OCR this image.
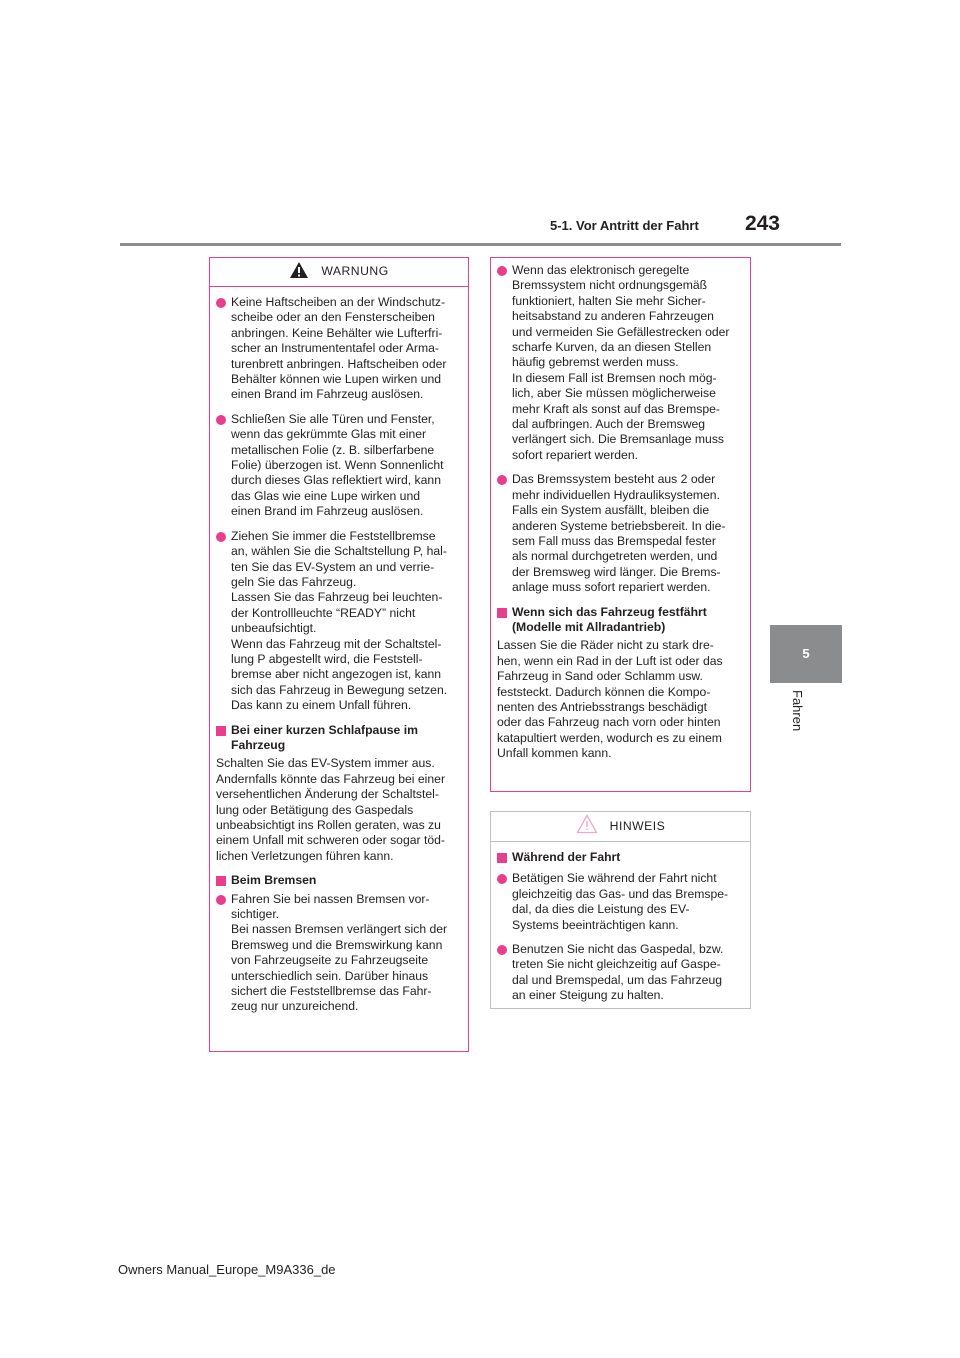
5-1. Vor Antritt der Fahrt	243
5
Fahren
WARNUNG
Keine Haftscheiben an der Windschutz-
scheibe oder an den Fensterscheiben
anbringen. Keine Behälter wie Lufterfri-
scher an Instrumententafel oder Arma-
turenbrett anbringen. Haftscheiben oder
Behälter können wie Lupen wirken und
einen Brand im Fahrzeug auslösen.
Schließen Sie alle Türen und Fenster,
wenn das gekrümmte Glas mit einer
metallischen Folie (z. B. silberfarbene
Folie) überzogen ist. Wenn Sonnenlicht
durch dieses Glas reflektiert wird, kann
das Glas wie eine Lupe wirken und
einen Brand im Fahrzeug auslösen.
Ziehen Sie immer die Feststellbremse
an, wählen Sie die Schaltstellung P, hal-
ten Sie das EV-System an und verrie-
geln Sie das Fahrzeug.
Lassen Sie das Fahrzeug bei leuchten-
der Kontrollleuchte “READY” nicht
unbeaufsichtigt.
Wenn das Fahrzeug mit der Schaltstel-
lung P abgestellt wird, die Feststell-
bremse aber nicht angezogen ist, kann
sich das Fahrzeug in Bewegung setzen.
Das kann zu einem Unfall führen.
Bei einer kurzen Schlafpause im
Fahrzeug
Schalten Sie das EV-System immer aus.
Andernfalls könnte das Fahrzeug bei einer
versehentlichen Änderung der Schaltstel-
lung oder Betätigung des Gaspedals
unbeabsichtigt ins Rollen geraten, was zu
einem Unfall mit schweren oder sogar töd-
lichen Verletzungen führen kann.
Beim Bremsen
Fahren Sie bei nassen Bremsen vor-
sichtiger.
Bei nassen Bremsen verlängert sich der
Bremsweg und die Bremswirkung kann
von Fahrzeugseite zu Fahrzeugseite
unterschiedlich sein. Darüber hinaus
sichert die Feststellbremse das Fahr-
zeug nur unzureichend.
Wenn das elektronisch geregelte
Bremssystem nicht ordnungsgemäß
funktioniert, halten Sie mehr Sicher-
heitsabstand zu anderen Fahrzeugen
und vermeiden Sie Gefällestrecken oder
scharfe Kurven, da an diesen Stellen
häufig gebremst werden muss.
In diesem Fall ist Bremsen noch mög-
lich, aber Sie müssen möglicherweise
mehr Kraft als sonst auf das Bremspe-
dal aufbringen. Auch der Bremsweg
verlängert sich. Die Bremsanlage muss
sofort repariert werden.
Das Bremssystem besteht aus 2 oder
mehr individuellen Hydrauliksystemen.
Falls ein System ausfällt, bleiben die
anderen Systeme betriebsbereit. In die-
sem Fall muss das Bremspedal fester
als normal durchgetreten werden, und
der Bremsweg wird länger. Die Brems-
anlage muss sofort repariert werden.
Wenn sich das Fahrzeug festfährt
(Modelle mit Allradantrieb)
Lassen Sie die Räder nicht zu stark dre-
hen, wenn ein Rad in der Luft ist oder das
Fahrzeug in Sand oder Schlamm usw.
feststeckt. Dadurch können die Kompo-
nenten des Antriebsstrangs beschädigt
oder das Fahrzeug nach vorn oder hinten
katapultiert werden, wodurch es zu einem
Unfall kommen kann.
HINWEIS
Während der Fahrt
Betätigen Sie während der Fahrt nicht
gleichzeitig das Gas- und das Bremspe-
dal, da dies die Leistung des EV-
Systems beeinträchtigen kann.
Benutzen Sie nicht das Gaspedal, bzw.
treten Sie nicht gleichzeitig auf Gaspe-
dal und Bremspedal, um das Fahrzeug
an einer Steigung zu halten.
Owners Manual_Europe_M9A336_de
